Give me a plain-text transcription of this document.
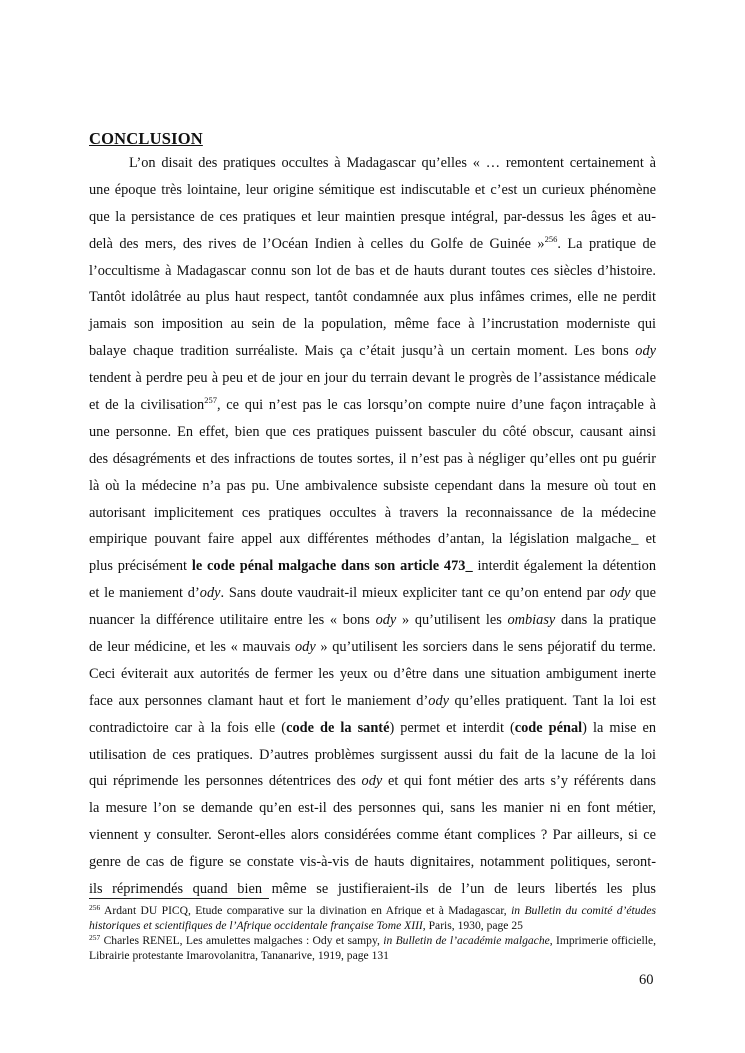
CONCLUSION
L’on disait des pratiques occultes à Madagascar qu’elles « … remontent certainement à
une époque très lointaine, leur origine sémitique est indiscutable et c’est un curieux phénomène
que la persistance de ces pratiques et leur maintien presque intégral, par-dessus les âges et au-
delà des mers, des rives de l’Océan Indien à celles du Golfe de Guinée »$^{256}$. La pratique de
l’occultisme à Madagascar connu son lot de bas et de hauts durant toutes ces siècles d’histoire.
Tantôt idolâtrée au plus haut respect, tantôt condamnée aux plus infâmes crimes, elle ne perdit
jamais son imposition au sein de la population, même face à l’incrustation moderniste qui
balaye chaque tradition surréaliste. Mais ça c’était jusqu’à un certain moment. Les bons ody
tendent à perdre peu à peu et de jour en jour du terrain devant le progrès de l’assistance médicale
et de la civilisation$^{257}$, ce qui n’est pas le cas lorsqu’on compte nuire d’une façon intraçable à
une personne. En effet, bien que ces pratiques puissent basculer du côté obscur, causant ainsi
des désagréments et des infractions de toutes sortes, il n’est pas à négliger qu’elles ont pu guérir
là où la médecine n’a pas pu. Une ambivalence subsiste cependant dans la mesure où tout en
autorisant implicitement ces pratiques occultes à travers la reconnaissance de la médecine
empirique pouvant faire appel aux différentes méthodes d’antan, la législation malgache_ et
plus précisément le code pénal malgache dans son article 473_ interdit également la détention
et le maniement d’ody. Sans doute vaudrait-il mieux expliciter tant ce qu’on entend par ody que
nuancer la différence utilitaire entre les « bons ody » qu’utilisent les ombiasy dans la pratique
de leur médicine, et les « mauvais ody » qu’utilisent les sorciers dans le sens péjoratif du terme.
Ceci éviterait aux autorités de fermer les yeux ou d’être dans une situation ambigument inerte
face aux personnes clamant haut et fort le maniement d’ody qu’elles pratiquent. Tant la loi est
contradictoire car à la fois elle (code de la santé) permet et interdit (code pénal) la mise en
utilisation de ces pratiques. D’autres problèmes surgissent aussi du fait de la lacune de la loi
qui réprimende les personnes détentrices des ody et qui font métier des arts s’y référents dans
la mesure l’on se demande qu’en est-il des personnes qui, sans les manier ni en font métier,
viennent y consulter. Seront-elles alors considérées comme étant complices ? Par ailleurs, si ce
genre de cas de figure se constate vis-à-vis de hauts dignitaires, notamment politiques, seront-
ils réprimendés quand bien même se justifieraient-ils de l’un de leurs libertés les plus
$^{256}$ Ardant DU PICQ, Etude comparative sur la divination en Afrique et à Madagascar, in Bulletin du comité d’études historiques et scientifiques de l’Afrique occidentale française Tome XIII, Paris, 1930, page 25
$^{257}$ Charles RENEL, Les amulettes malgaches : Ody et sampy, in Bulletin de l’académie malgache, Imprimerie officielle, Librairie protestante Imarovolanitra, Tananarive, 1919, page 131
60
